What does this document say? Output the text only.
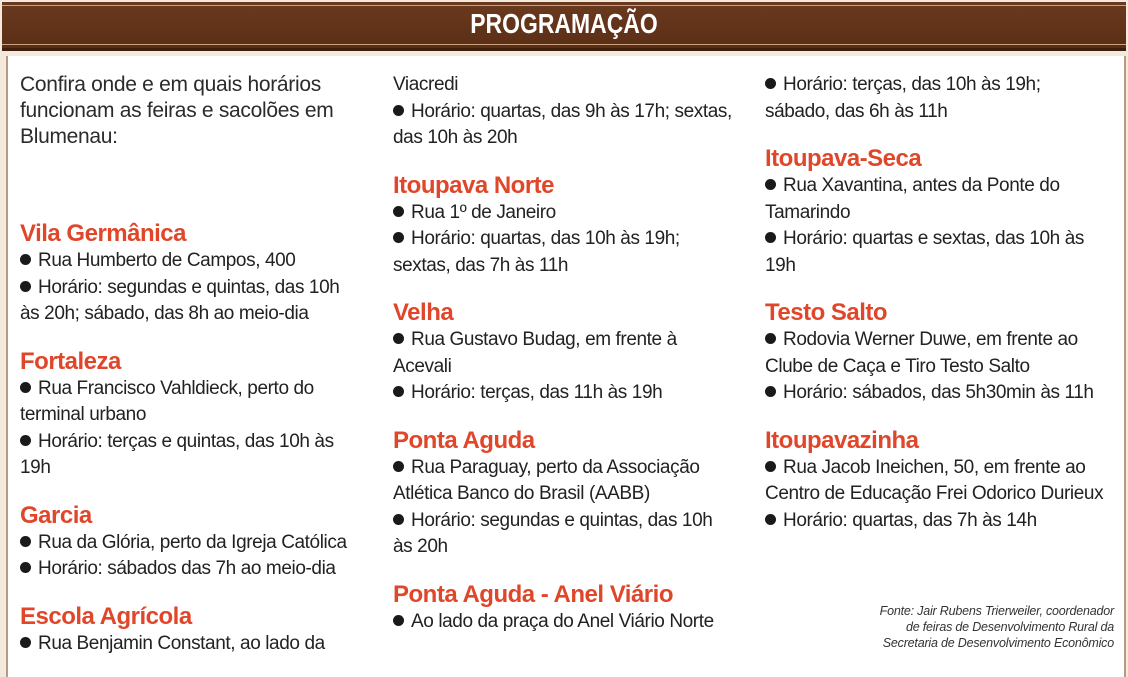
PROGRAMAÇÃO
Confira onde e em quais horários
funcionam as feiras e sacolões em
Blumenau:
Vila Germânica
Rua Humberto de Campos, 400
Horário: segundas e quintas, das 10h
às 20h; sábado, das 8h ao meio-dia
Fortaleza
Rua Francisco Vahldieck, perto do
terminal urbano
Horário: terças e quintas, das 10h às
19h
Garcia
Rua da Glória, perto da Igreja Católica
Horário: sábados das 7h ao meio-dia
Escola Agrícola
Rua Benjamin Constant, ao lado da
Viacredi
Horário: quartas, das 9h às 17h; sextas,
das 10h às 20h
Itoupava Norte
Rua 1º de Janeiro
Horário: quartas, das 10h às 19h;
sextas, das 7h às 11h
Velha
Rua Gustavo Budag, em frente à
Acevali
Horário: terças, das 11h às 19h
Ponta Aguda
Rua Paraguay, perto da Associação
Atlética Banco do Brasil (AABB)
Horário: segundas e quintas, das 10h
às 20h
Ponta Aguda - Anel Viário
Ao lado da praça do Anel Viário Norte
Horário: terças, das 10h às 19h;
sábado, das 6h às 11h
Itoupava-Seca
Rua Xavantina, antes da Ponte do
Tamarindo
Horário: quartas e sextas, das 10h às
19h
Testo Salto
Rodovia Werner Duwe, em frente ao
Clube de Caça e Tiro Testo Salto
Horário: sábados, das 5h30min às 11h
Itoupavazinha
Rua Jacob Ineichen, 50, em frente ao
Centro de Educação Frei Odorico Durieux
Horário: quartas, das 7h às 14h
Fonte: Jair Rubens Trierweiler, coordenador
de feiras de Desenvolvimento Rural da
Secretaria de Desenvolvimento Econômico
